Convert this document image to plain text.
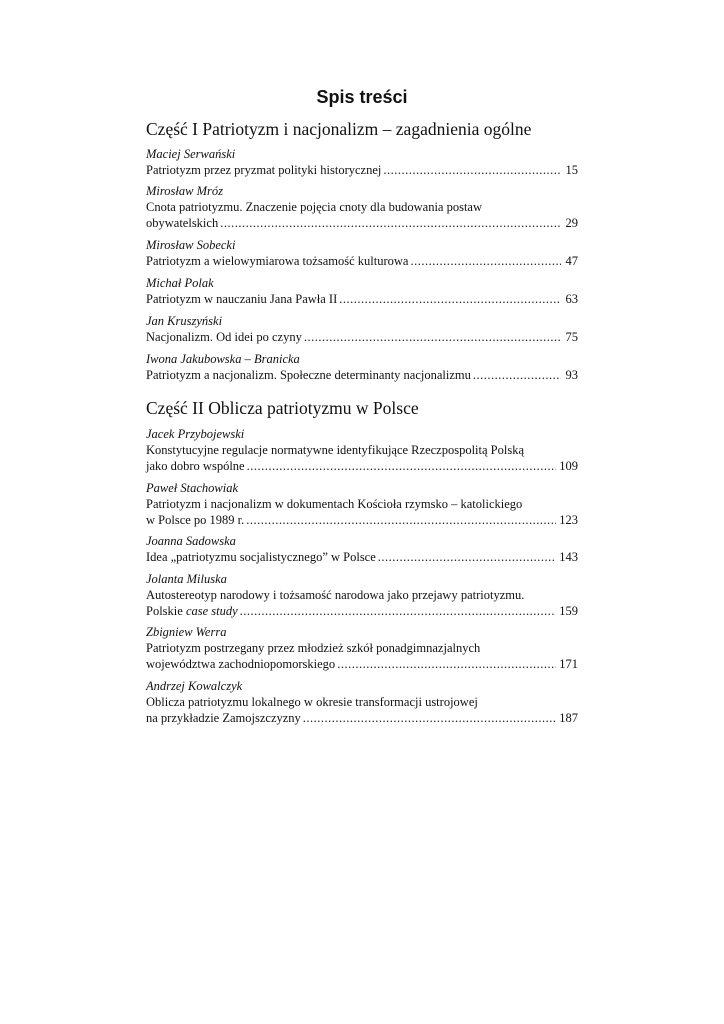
Spis treści
Część I Patriotyzm i nacjonalizm – zagadnienia ogólne
Maciej Serwański
Patriotyzm przez pryzmat polityki historycznej .....	15
Mirosław Mróz
Cnota patriotyzmu. Znaczenie pojęcia cnoty dla budowania postaw
obywatelskich .....	29
Mirosław Sobecki
Patriotyzm a wielowymiarowa tożsamość kulturowa .....	47
Michał Polak
Patriotyzm w nauczaniu Jana Pawła II .....	63
Jan Kruszyński
Nacjonalizm. Od idei po czyny .....	75
Iwona Jakubowska – Branicka
Patriotyzm a nacjonalizm. Społeczne determinanty nacjonalizmu .....	93
Część II Oblicza patriotyzmu w Polsce
Jacek Przybojewski
Konstytucyjne regulacje normatywne identyfikujące Rzeczpospolitą Polską
jako dobro wspólne .....	109
Paweł Stachowiak
Patriotyzm i nacjonalizm w dokumentach Kościoła rzymsko – katolickiego
w Polsce po 1989 r. .....	123
Joanna Sadowska
Idea „patriotyzmu socjalistycznego” w Polsce .....	143
Jolanta Miluska
Autostereotyp narodowy i tożsamość narodowa jako przejawy patriotyzmu.
Polskie case study .....	159
Zbigniew Werra
Patriotyzm postrzegany przez młodzież szkół ponadgimnazjalnych
województwa zachodniopomorskiego .....	171
Andrzej Kowalczyk
Oblicza patriotyzmu lokalnego w okresie transformacji ustrojowej
na przykładzie Zamojszczyzny .....	187
